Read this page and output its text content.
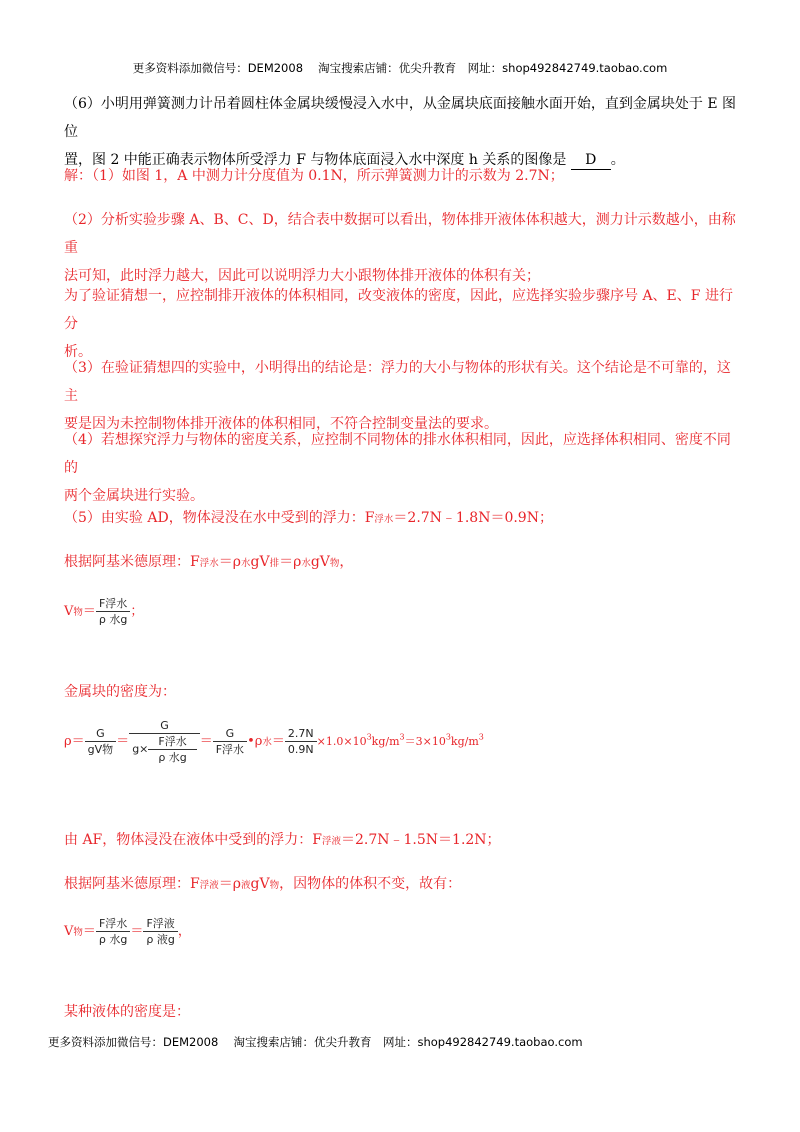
更多资料添加微信号：DEM2008　 淘宝搜索店铺：优尖升教育　网址：shop492842749.taobao.com
（6）小明用弹簧测力计吊着圆柱体金属块缓慢浸入水中，从金属块底面接触水面开始，直到金属块处于 E 图位
置，图 2 中能正确表示物体所受浮力 F 与物体底面浸入水中深度 h 关系的图像是 D 。
解：（1）如图 1，A 中测力计分度值为 0.1N，所示弹簧测力计的示数为 2.7N；
（2）分析实验步骤 A、B、C、D，结合表中数据可以看出，物体排开液体体积越大，测力计示数越小，由称重
法可知，此时浮力越大，因此可以说明浮力大小跟物体排开液体的体积有关；
为了验证猜想一，应控制排开液体的体积相同，改变液体的密度，因此，应选择实验步骤序号 A、E、F 进行分
析。
（3）在验证猜想四的实验中，小明得出的结论是：浮力的大小与物体的形状有关。这个结论是不可靠的，这主
要是因为未控制物体排开液体的体积相同，不符合控制变量法的要求。
（4）若想探究浮力与物体的密度关系，应控制不同物体的排水体积相同，因此，应选择体积相同、密度不同的
两个金属块进行实验。
（5）由实验 AD，物体浸没在水中受到的浮力：F浮水＝2.7N﹣1.8N＝0.9N；
根据阿基米德原理：F浮水＝ρ水gV排＝ρ水gV物，
V物＝ $\frac{\text{F浮水}}{\text{ρ 水g}}$ ；
金属块的密度为：
$\rho= \frac{G}{\text{gV物}} = \frac{G}{g\times \frac{\text{F浮水}}{\text{ρ 水g}}} = \frac{G}{\text{F浮水}}$ •ρ水＝ $\frac{2.7N}{0.9N} \times 1.0\times 10^3kg/m^3=3\times 10^3kg/m^3$
由 AF，物体浸没在液体中受到的浮力：F浮液＝2.7N﹣1.5N＝1.2N；
根据阿基米德原理：F浮液＝ρ液gV物，因物体的体积不变，故有：
V物＝ $\frac{\text{F浮水}}{\text{ρ 水g}} = \frac{\text{F浮液}}{\text{ρ 液g}}$ ，
某种液体的密度是：
更多资料添加微信号：DEM2008　 淘宝搜索店铺：优尖升教育　网址：shop492842749.taobao.com
